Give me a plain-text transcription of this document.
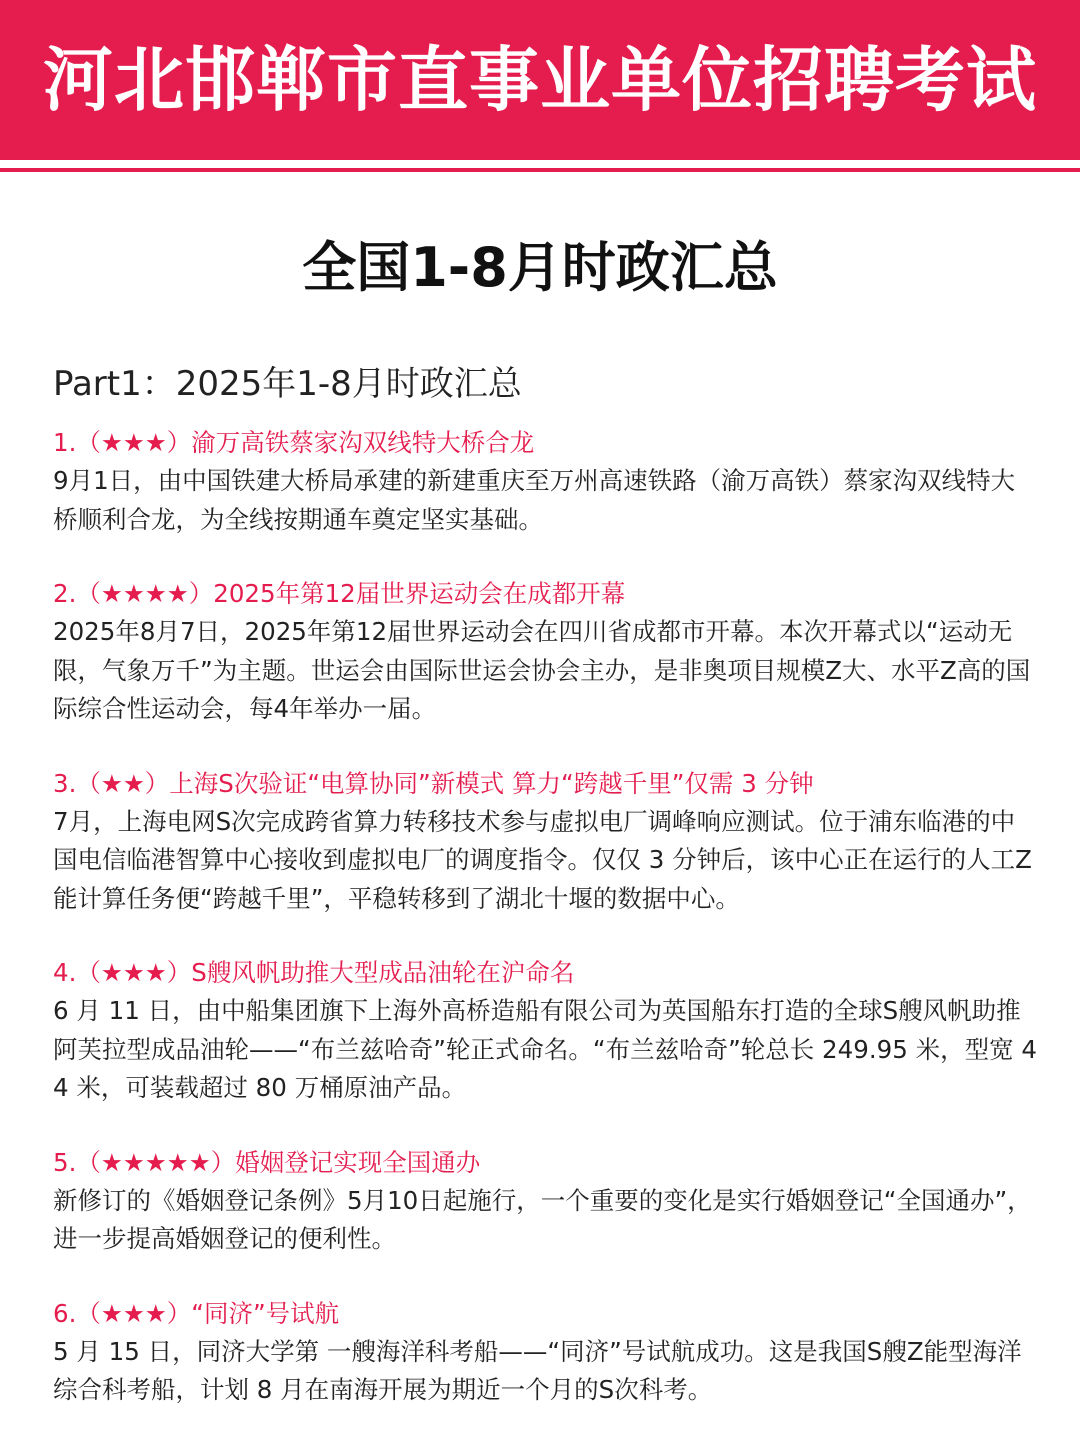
河北邯郸市直事业单位招聘考试
全国1-8月时政汇总
Part1：2025年1-8月时政汇总
1.（★★★）渝万高铁蔡家沟双线特大桥合龙
9月1日，由中国铁建大桥局承建的新建重庆至万州高速铁路（渝万高铁）蔡家沟双线特大桥顺利合龙，为全线按期通车奠定坚实基础。
2.（★★★★）2025年第12届世界运动会在成都开幕
2025年8月7日，2025年第12届世界运动会在四川省成都市开幕。本次开幕式以“运动无限，气象万千”为主题。世运会由国际世运会协会主办，是非奥项目规模Z大、水平Z高的国际综合性运动会，每4年举办一届。
3.（★★）上海S次验证“电算协同”新模式 算力“跨越千里”仅需 3 分钟
7月，上海电网S次完成跨省算力转移技术参与虚拟电厂调峰响应测试。位于浦东临港的中国电信临港智算中心接收到虚拟电厂的调度指令。仅仅 3 分钟后，该中心正在运行的人工Z能计算任务便“跨越千里”，平稳转移到了湖北十堰的数据中心。
4.（★★★）S艘风帆助推大型成品油轮在沪命名
6 月 11 日，由中船集团旗下上海外高桥造船有限公司为英国船东打造的全球S艘风帆助推阿芙拉型成品油轮——“布兰兹哈奇”轮正式命名。“布兰兹哈奇”轮总长 249.95 米，型宽 44 米，可装载超过 80 万桶原油产品。
5.（★★★★★）婚姻登记实现全国通办
新修订的《婚姻登记条例》5月10日起施行，一个重要的变化是实行婚姻登记“全国通办”，进一步提高婚姻登记的便利性。
6.（★★★）“同济”号试航
5 月 15 日，同济大学第 一艘海洋科考船——“同济”号试航成功。这是我国S艘Z能型海洋综合科考船，计划 8 月在南海开展为期近一个月的S次科考。
